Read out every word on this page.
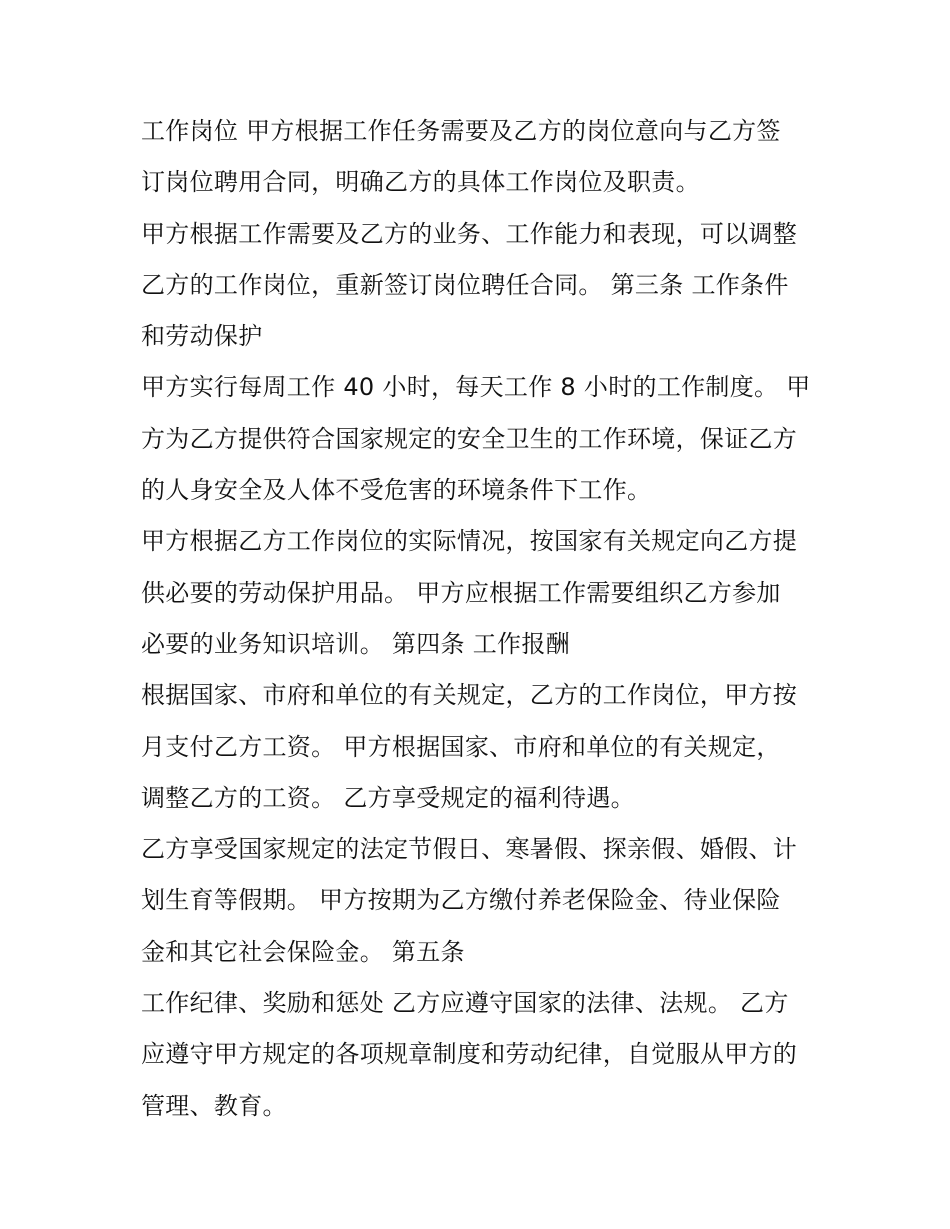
工作岗位 甲方根据工作任务需要及乙方的岗位意向与乙方签
订岗位聘用合同，明确乙方的具体工作岗位及职责。
甲方根据工作需要及乙方的业务、工作能力和表现，可以调整
乙方的工作岗位，重新签订岗位聘任合同。 第三条 工作条件
和劳动保护
甲方实行每周工作 40 小时，每天工作 8 小时的工作制度。 甲
方为乙方提供符合国家规定的安全卫生的工作环境，保证乙方
的人身安全及人体不受危害的环境条件下工作。
甲方根据乙方工作岗位的实际情况，按国家有关规定向乙方提
供必要的劳动保护用品。 甲方应根据工作需要组织乙方参加
必要的业务知识培训。 第四条 工作报酬
根据国家、市府和单位的有关规定，乙方的工作岗位，甲方按
月支付乙方工资。 甲方根据国家、市府和单位的有关规定，
调整乙方的工资。 乙方享受规定的福利待遇。
乙方享受国家规定的法定节假日、寒暑假、探亲假、婚假、计
划生育等假期。 甲方按期为乙方缴付养老保险金、待业保险
金和其它社会保险金。 第五条
工作纪律、奖励和惩处 乙方应遵守国家的法律、法规。 乙方
应遵守甲方规定的各项规章制度和劳动纪律，自觉服从甲方的
管理、教育。
